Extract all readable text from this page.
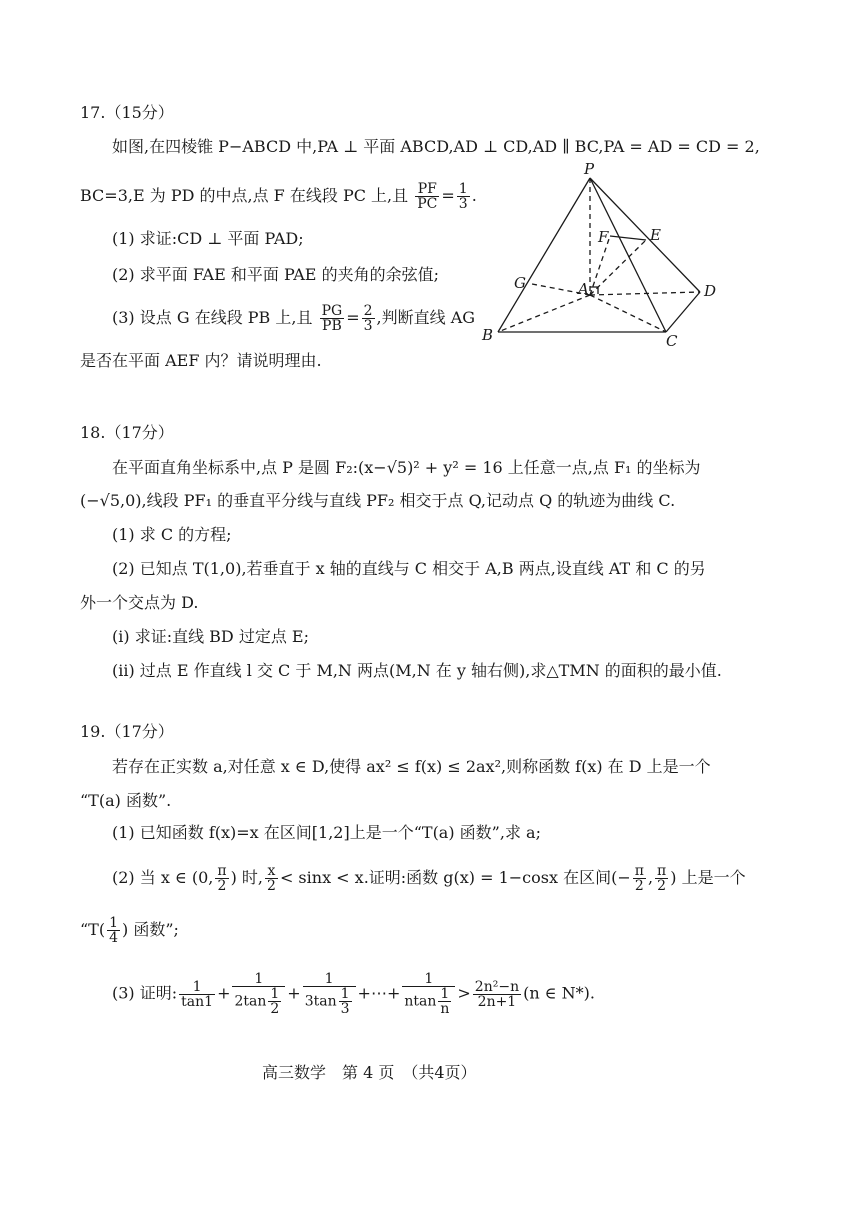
17.（15分）
如图,在四棱锥 P−ABCD 中,PA ⊥ 平面 ABCD,AD ⊥ CD,AD ∥ BC,PA = AD = CD = 2,
BC=3,E 为 PD 的中点,点 F 在线段 PC 上,且 $\frac{PF}{PC} = \frac{1}{3}$ .
(1) 求证:CD ⊥ 平面 PAD;
(2) 求平面 FAE 和平面 PAE 的夹角的余弦值;
(3) 设点 G 在线段 PB 上,且 $\frac{PG}{PB} = \frac{2}{3}$ ,判断直线 AG
是否在平面 AEF 内？请说明理由.
P
E
F
G	A	D
B	C
18.（17分）
在平面直角坐标系中,点 P 是圆 F₂:(x−√5)² + y² = 16 上任意一点,点 F₁ 的坐标为
(−√5,0),线段 PF₁ 的垂直平分线与直线 PF₂ 相交于点 Q,记动点 Q 的轨迹为曲线 C.
(1) 求 C 的方程;
(2) 已知点 T(1,0),若垂直于 x 轴的直线与 C 相交于 A,B 两点,设直线 AT 和 C 的另
外一个交点为 D.
(i) 求证:直线 BD 过定点 E;
(ii) 过点 E 作直线 l 交 C 于 M,N 两点(M,N 在 y 轴右侧),求△TMN 的面积的最小值.
19.（17分）
若存在正实数 a,对任意 x ∈ D,使得 ax² ≤ f(x) ≤ 2ax²,则称函数 f(x) 在 D 上是一个
“T(a) 函数”.
(1) 已知函数 f(x)=x 在区间[1,2]上是一个“T(a) 函数”,求 a;
(2) 当 x ∈ (0, $\frac{\pi}{2}$ ) 时, $\frac{x}{2} < \sin x < x$.证明:函数 g(x) = 1−cosx 在区间(− $\frac{\pi}{2}$ , $\frac{\pi}{2}$ ) 上是一个
“$T( \frac{1}{4}$ ) 函数”;
(3) 证明: $\frac{1}{\tan 1} + \frac{1}{2\tan \frac{1}{2}} + \frac{1}{3\tan \frac{1}{3}}$ +⋯+ $\frac{1}{ntan \frac{1}{n}} > \frac{\text{2n²−n}}{2n+1} (n$ ∈ N*).
高三数学　第 4 页　（共4页）
